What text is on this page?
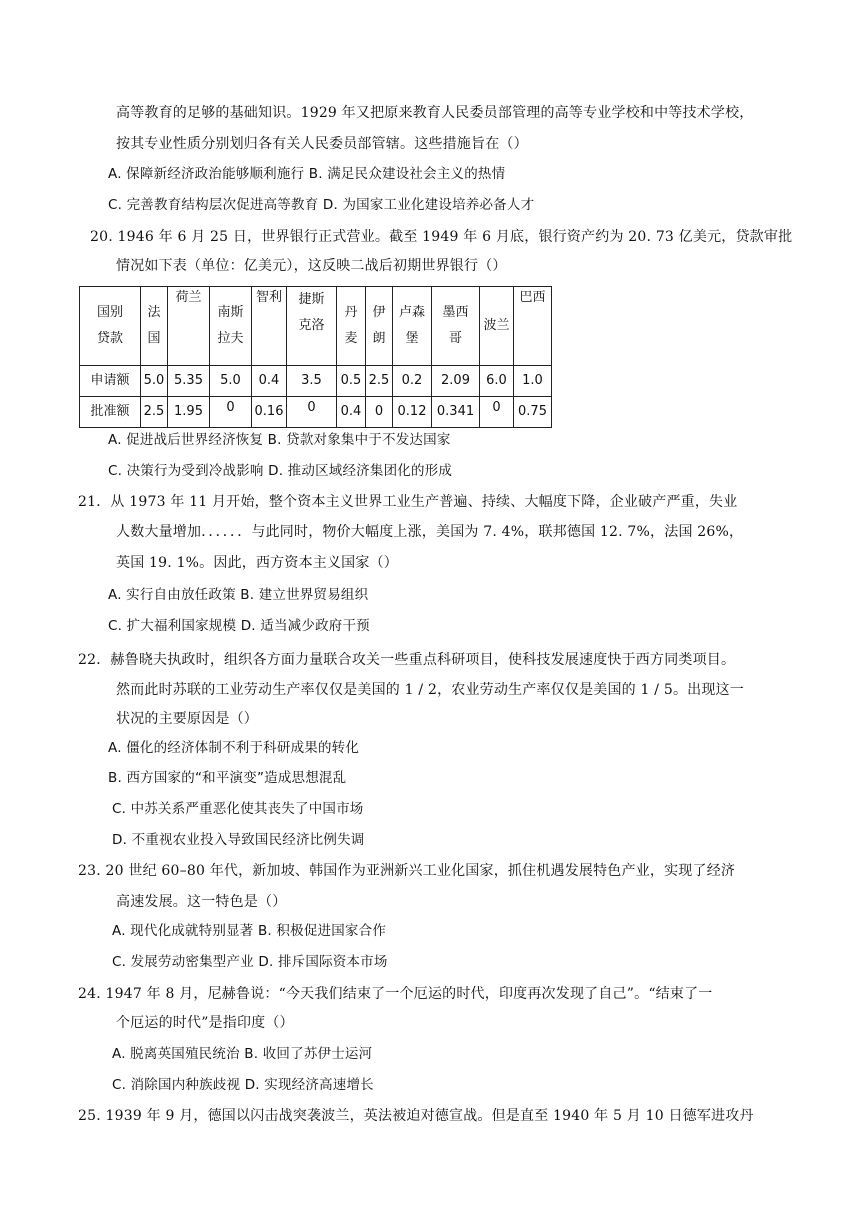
高等教育的足够的基础知识。1929 年又把原来教育人民委员部管理的高等专业学校和中等技术学校，
按其专业性质分别划归各有关人民委员部管辖。这些措施旨在（）
A. 保障新经济政治能够顺利施行 B. 满足民众建设社会主义的热情
C. 完善教育结构层次促进高等教育 D. 为国家工业化建设培养必备人才
20. 1946 年 6 月 25 日，世界银行正式营业。截至 1949 年 6 月底，银行资产约为 20. 73 亿美元，贷款审批
情况如下表（单位：亿美元），这反映二战后初期世界银行（）
国别
贷款	法国	荷兰	南斯拉夫	智利	捷斯克洛	丹麦	伊朗	卢森堡	墨西哥	波兰	巴西

申请额	5.0	5.35	5.0	0.4	3.5	0.5	2.5	0.2	2.09	6.0	1.0
批准额	2.5	1.95	0	0.16	0	0.4	0	0.12	0.341	0	0.75
A. 促进战后世界经济恢复 B. 贷款对象集中于不发达国家
C. 决策行为受到冷战影响 D. 推动区域经济集团化的形成
21．从 1973 年 11 月开始，整个资本主义世界工业生产普遍、持续、大幅度下降，企业破产严重，失业
人数大量增加．．．．．．与此同时，物价大幅度上涨，美国为 7. 4%，联邦德国 12. 7%，法国 26%，
英国 19. 1%。因此，西方资本主义国家（）
A. 实行自由放任政策 B. 建立世界贸易组织
C. 扩大福利国家规模 D. 适当减少政府干预
22．赫鲁晓夫执政时，组织各方面力量联合攻关一些重点科研项目，使科技发展速度快于西方同类项目。
然而此时苏联的工业劳动生产率仅仅是美国的 1 / 2，农业劳动生产率仅仅是美国的 1 / 5。出现这一
状况的主要原因是（）
A. 僵化的经济体制不利于科研成果的转化
B. 西方国家的“和平演变”造成思想混乱
C. 中苏关系严重恶化使其丧失了中国市场
D. 不重视农业投入导致国民经济比例失调
23. 20 世纪 60–80 年代，新加坡、韩国作为亚洲新兴工业化国家，抓住机遇发展特色产业，实现了经济
高速发展。这一特色是（）
A. 现代化成就特别显著 B. 积极促进国家合作
C. 发展劳动密集型产业 D. 排斥国际资本市场
24. 1947 年 8 月，尼赫鲁说：“今天我们结束了一个厄运的时代，印度再次发现了自己”。“结束了一
个厄运的时代”是指印度（）
A. 脱离英国殖民统治 B. 收回了苏伊士运河
C. 消除国内种族歧视 D. 实现经济高速增长
25. 1939 年 9 月，德国以闪击战突袭波兰，英法被迫对德宣战。但是直至 1940 年 5 月 10 日德军进攻丹
